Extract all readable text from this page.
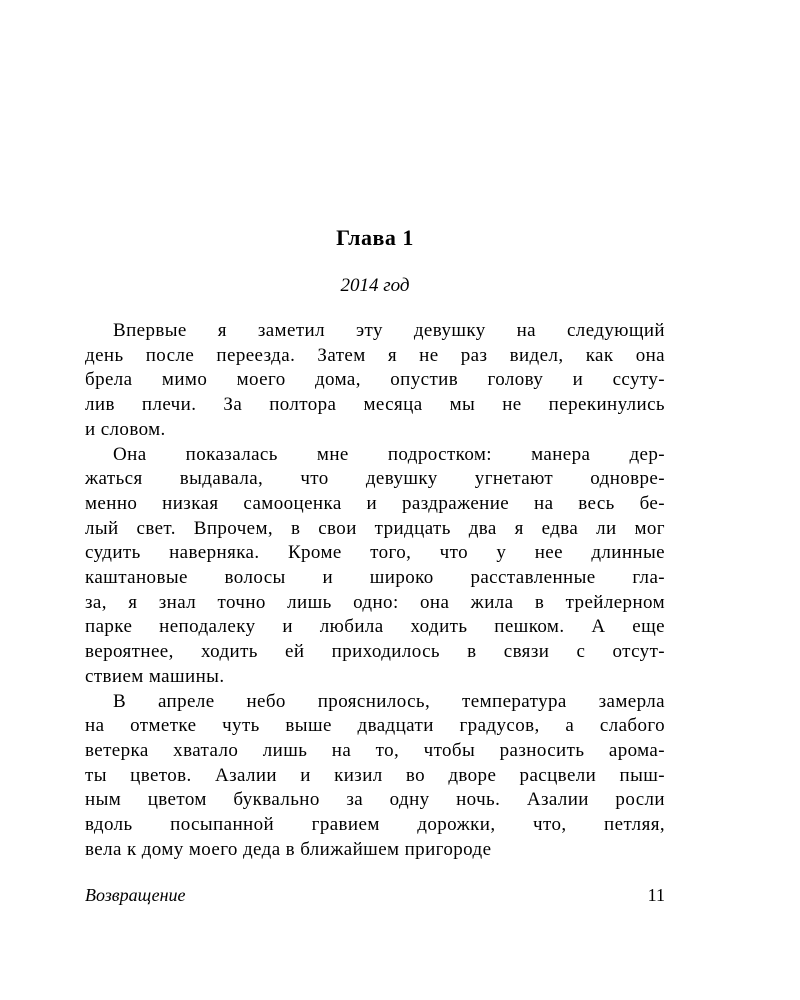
Глава 1
2014 год
Впервые я заметил эту девушку на следующий
день после переезда. Затем я не раз видел, как она
брела мимо моего дома, опустив голову и ссуту-
лив плечи. За полтора месяца мы не перекинулись
и словом.
Она показалась мне подростком: манера дер-
жаться выдавала, что девушку угнетают одновре-
менно низкая самооценка и раздражение на весь бе-
лый свет. Впрочем, в свои тридцать два я едва ли мог
судить наверняка. Кроме того, что у нее длинные
каштановые волосы и широко расставленные гла-
за, я знал точно лишь одно: она жила в трейлерном
парке неподалеку и любила ходить пешком. А еще
вероятнее, ходить ей приходилось в связи с отсут-
ствием машины.
В апреле небо прояснилось, температура замерла
на отметке чуть выше двадцати градусов, а слабого
ветерка хватало лишь на то, чтобы разносить арома-
ты цветов. Азалии и кизил во дворе расцвели пыш-
ным цветом буквально за одну ночь. Азалии росли
вдоль посыпанной гравием дорожки, что, петляя,
вела к дому моего деда в ближайшем пригороде
Возвращение	11
